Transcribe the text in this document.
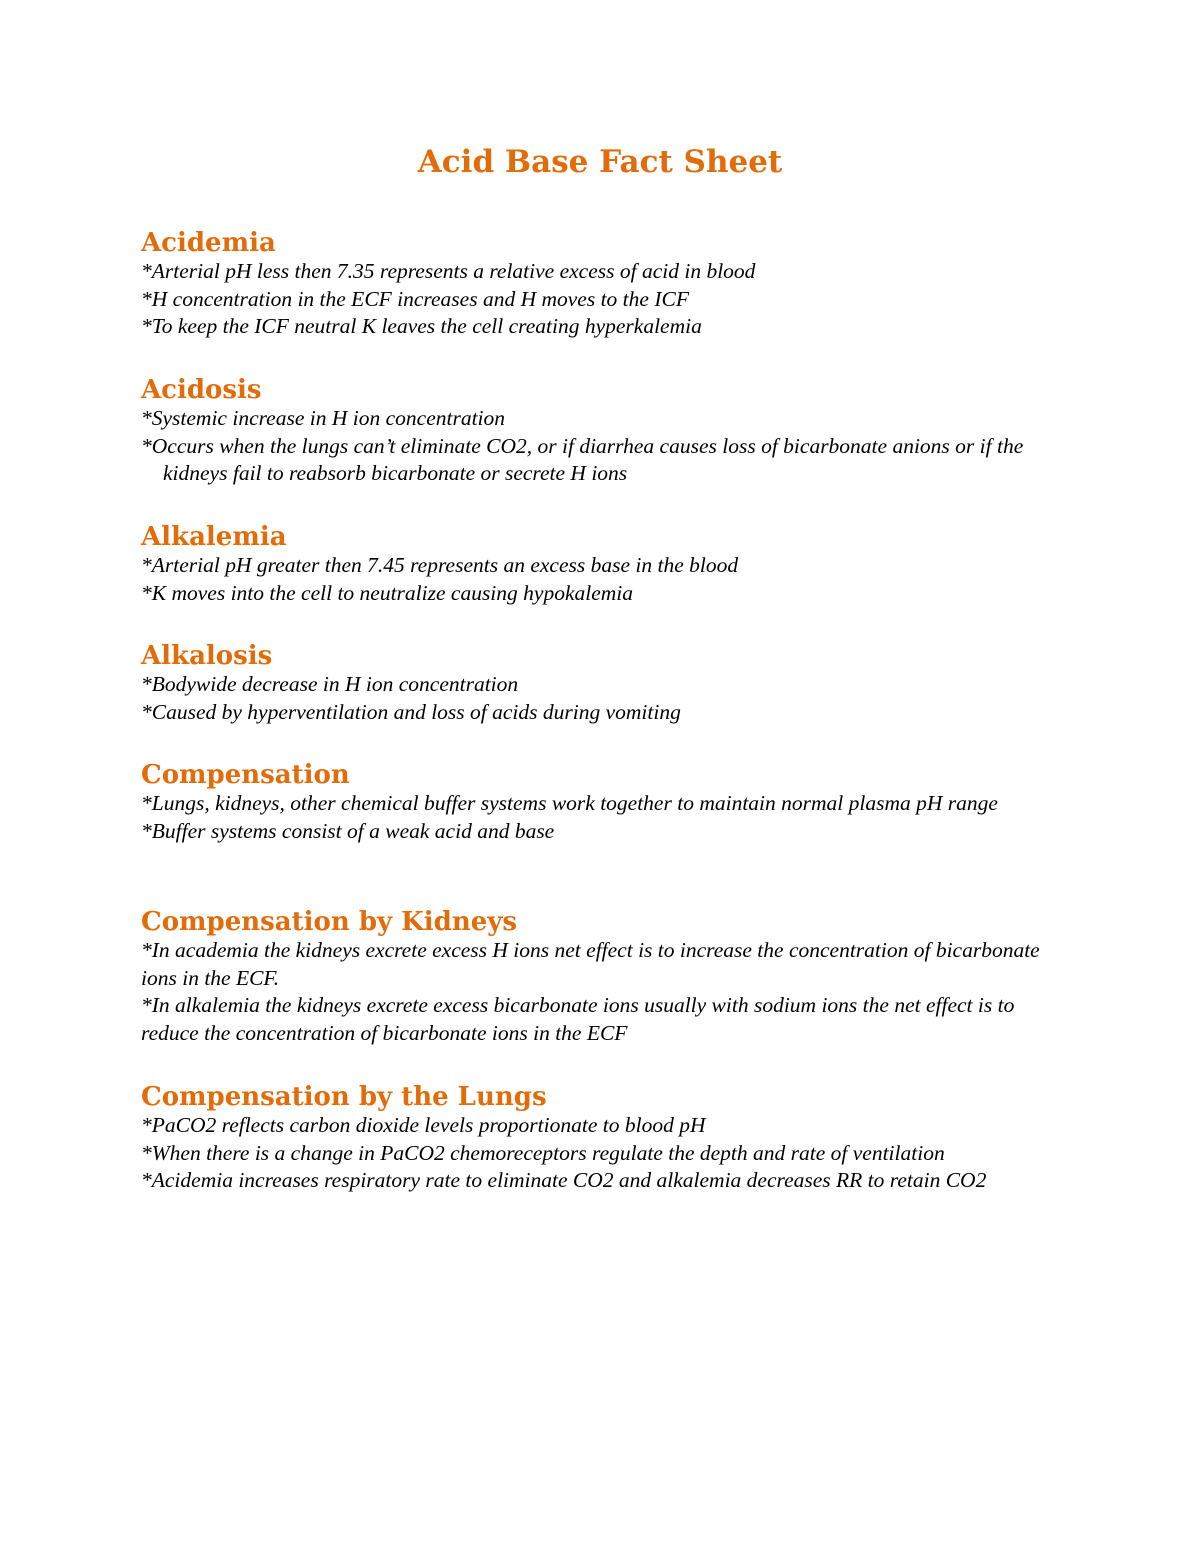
Acid Base Fact Sheet
Acidemia
*Arterial pH less then 7.35 represents a relative excess of acid in blood
*H concentration in the ECF increases and H moves to the ICF
*To keep the ICF neutral K leaves the cell creating hyperkalemia
Acidosis
*Systemic increase in H ion concentration
*Occurs when the lungs can’t eliminate CO2, or if diarrhea causes loss of bicarbonate anions or if the kidneys fail to reabsorb bicarbonate or secrete H ions
Alkalemia
*Arterial pH greater then 7.45 represents an excess base in the blood
*K moves into the cell to neutralize causing hypokalemia
Alkalosis
*Bodywide decrease in H ion concentration
*Caused by hyperventilation and loss of acids during vomiting
Compensation
*Lungs, kidneys, other chemical buffer systems work together to maintain normal plasma pH range
*Buffer systems consist of a weak acid and base
Compensation by Kidneys
*In academia the kidneys excrete excess H ions net effect is to increase the concentration of bicarbonate ions in the ECF.
*In alkalemia the kidneys excrete excess bicarbonate ions usually with sodium ions the net effect is to reduce the concentration of bicarbonate ions in the ECF
Compensation by the Lungs
*PaCO2 reflects carbon dioxide levels proportionate to blood pH
*When there is a change in PaCO2 chemoreceptors regulate the depth and rate of ventilation
*Acidemia increases respiratory rate to eliminate CO2 and alkalemia decreases RR to retain CO2
